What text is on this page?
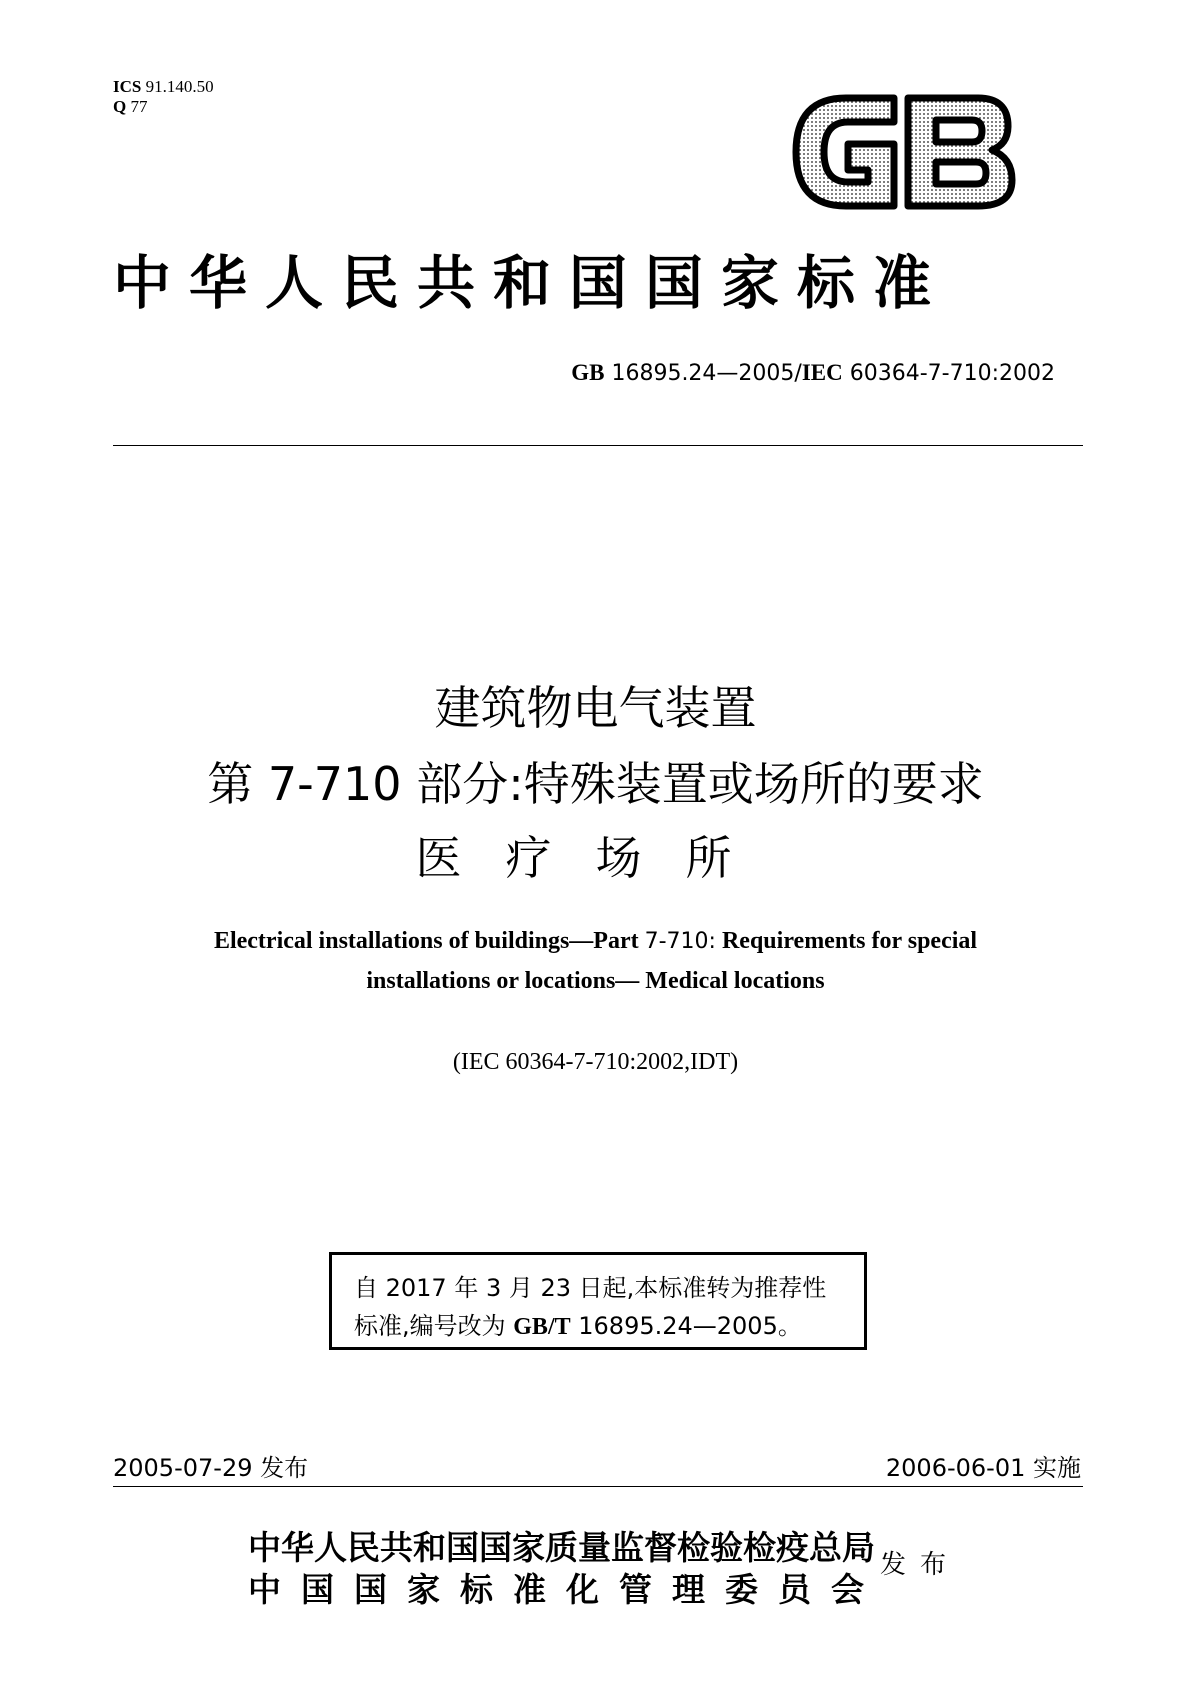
ICS 91.140.50
Q 77
中华人民共和国国家标准
GB 16895.24—2005/IEC 60364-7-710:2002
建筑物电气装置
第 7-710 部分:特殊装置或场所的要求
医疗场所
Electrical installations of buildings—Part 7-710: Requirements for special
installations or locations— Medical locations
(IEC 60364-7-710:2002,IDT)
自 2017 年 3 月 23 日起,本标准转为推荐性
标准,编号改为 GB/T 16895.24—2005。
2005-07-29 发布	2006-06-01 实施
中华人民共和国国家质量监督检验检疫总局
中国国家标准化管理委员会
发布
